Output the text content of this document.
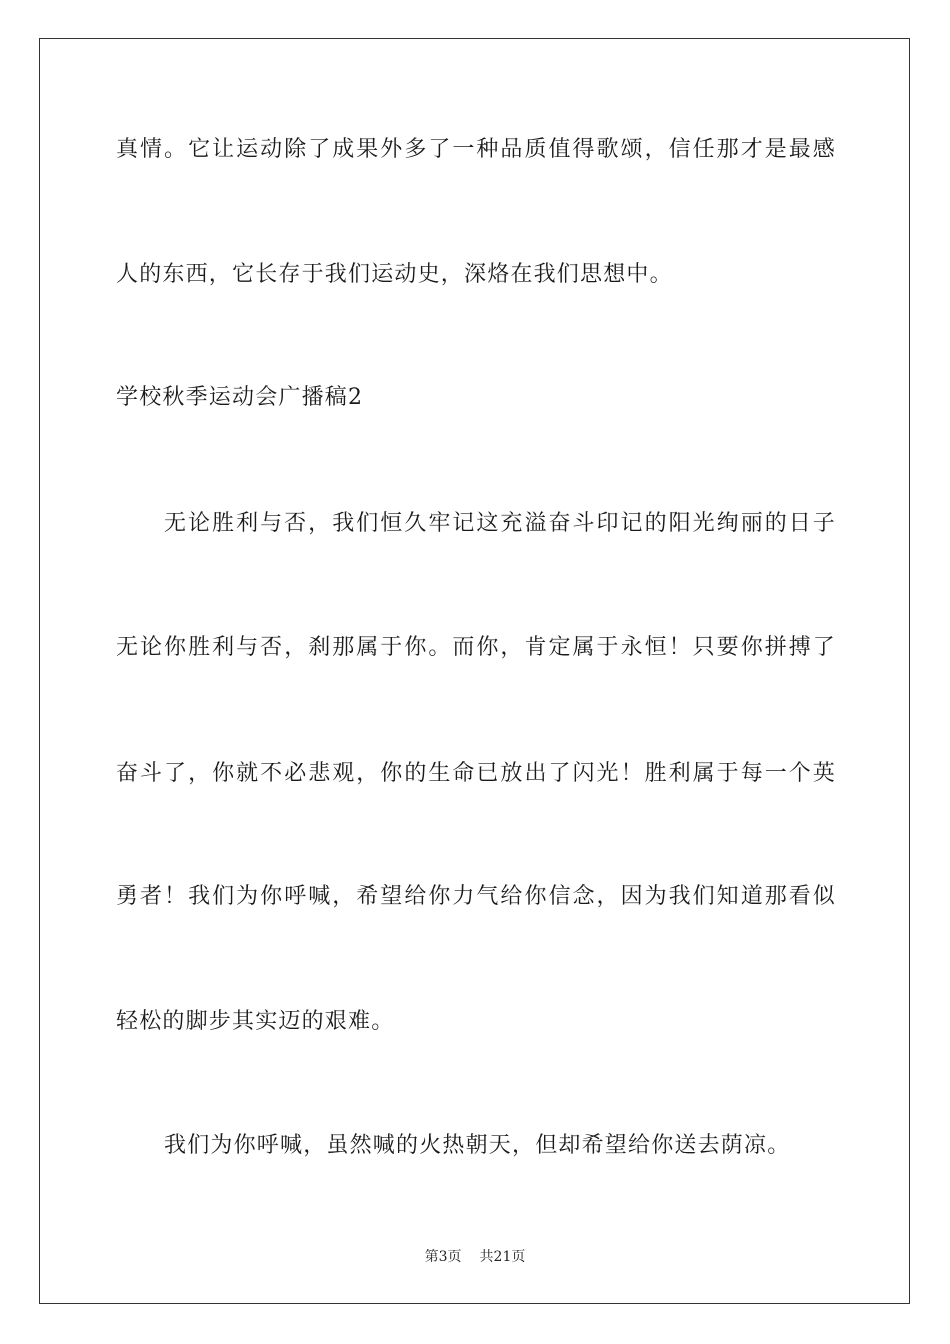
真情。它让运动除了成果外多了一种品质值得歌颂，信任那才是最感
人的东西，它长存于我们运动史，深烙在我们思想中。
学校秋季运动会广播稿2
无论胜利与否，我们恒久牢记这充溢奋斗印记的阳光绚丽的日子
无论你胜利与否，刹那属于你。而你，肯定属于永恒！只要你拼搏了
奋斗了，你就不必悲观，你的生命已放出了闪光！胜利属于每一个英
勇者！我们为你呼喊，希望给你力气给你信念，因为我们知道那看似
轻松的脚步其实迈的艰难。
我们为你呼喊，虽然喊的火热朝天，但却希望给你送去荫凉。
第3页 共21页
